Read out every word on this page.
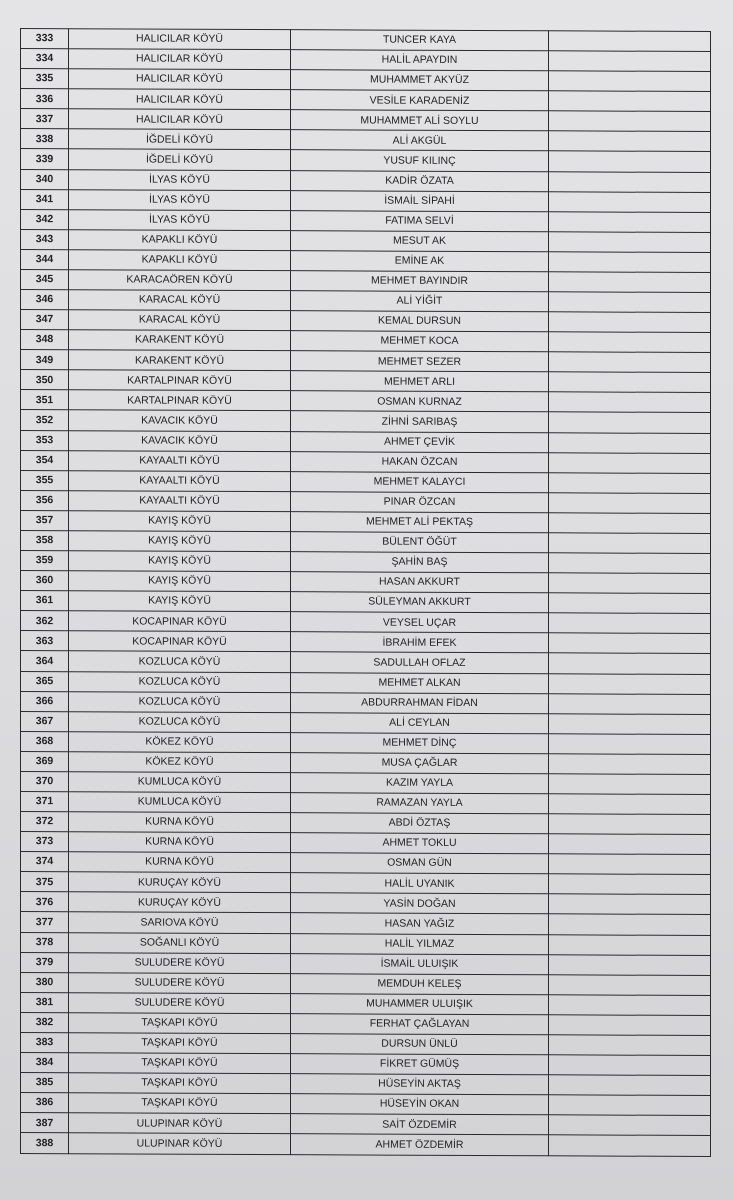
333	HALICILAR KÖYÜ	TUNCER KAYA	
334	HALICILAR KÖYÜ	HALİL APAYDIN	
335	HALICILAR KÖYÜ	MUHAMMET AKYÜZ	
336	HALICILAR KÖYÜ	VESİLE KARADENİZ	
337	HALICILAR KÖYÜ	MUHAMMET ALİ SOYLU	
338	İĞDELİ KÖYÜ	ALİ AKGÜL	
339	İĞDELİ KÖYÜ	YUSUF KILINÇ	
340	İLYAS KÖYÜ	KADİR ÖZATA	
341	İLYAS KÖYÜ	İSMAİL SİPAHİ	
342	İLYAS KÖYÜ	FATIMA SELVİ	
343	KAPAKLI KÖYÜ	MESUT AK	
344	KAPAKLI KÖYÜ	EMİNE AK	
345	KARACAÖREN KÖYÜ	MEHMET BAYINDIR	
346	KARACAL KÖYÜ	ALİ YİĞİT	
347	KARACAL KÖYÜ	KEMAL DURSUN	
348	KARAKENT KÖYÜ	MEHMET KOCA	
349	KARAKENT KÖYÜ	MEHMET SEZER	
350	KARTALPINAR KÖYÜ	MEHMET ARLI	
351	KARTALPINAR KÖYÜ	OSMAN KURNAZ	
352	KAVACIK KÖYÜ	ZİHNİ SARIBAŞ	
353	KAVACIK KÖYÜ	AHMET ÇEVİK	
354	KAYAALTI KÖYÜ	HAKAN ÖZCAN	
355	KAYAALTI KÖYÜ	MEHMET KALAYCI	
356	KAYAALTI KÖYÜ	PINAR ÖZCAN	
357	KAYIŞ KÖYÜ	MEHMET ALİ PEKTAŞ	
358	KAYIŞ KÖYÜ	BÜLENT ÖĞÜT	
359	KAYIŞ KÖYÜ	ŞAHİN BAŞ	
360	KAYIŞ KÖYÜ	HASAN AKKURT	
361	KAYIŞ KÖYÜ	SÜLEYMAN AKKURT	
362	KOCAPINAR KÖYÜ	VEYSEL UÇAR	
363	KOCAPINAR KÖYÜ	İBRAHİM EFEK	
364	KOZLUCA KÖYÜ	SADULLAH OFLAZ	
365	KOZLUCA KÖYÜ	MEHMET ALKAN	
366	KOZLUCA KÖYÜ	ABDURRAHMAN FİDAN	
367	KOZLUCA KÖYÜ	ALİ CEYLAN	
368	KÖKEZ KÖYÜ	MEHMET DİNÇ	
369	KÖKEZ KÖYÜ	MUSA ÇAĞLAR	
370	KUMLUCA KÖYÜ	KAZIM YAYLA	
371	KUMLUCA KÖYÜ	RAMAZAN YAYLA	
372	KURNA KÖYÜ	ABDİ ÖZTAŞ	
373	KURNA KÖYÜ	AHMET TOKLU	
374	KURNA KÖYÜ	OSMAN GÜN	
375	KURUÇAY KÖYÜ	HALİL UYANIK	
376	KURUÇAY KÖYÜ	YASİN DOĞAN	
377	SARIOVA KÖYÜ	HASAN YAĞIZ	
378	SOĞANLI KÖYÜ	HALİL YILMAZ	
379	SULUDERE KÖYÜ	İSMAİL ULUIŞIK	
380	SULUDERE KÖYÜ	MEMDUH KELEŞ	
381	SULUDERE KÖYÜ	MUHAMMER ULUIŞIK	
382	TAŞKAPI KÖYÜ	FERHAT ÇAĞLAYAN	
383	TAŞKAPI KÖYÜ	DURSUN ÜNLÜ	
384	TAŞKAPI KÖYÜ	FİKRET GÜMÜŞ	
385	TAŞKAPI KÖYÜ	HÜSEYİN AKTAŞ	
386	TAŞKAPI KÖYÜ	HÜSEYİN OKAN	
387	ULUPINAR KÖYÜ	SAİT ÖZDEMİR	
388	ULUPINAR KÖYÜ	AHMET ÖZDEMİR	
